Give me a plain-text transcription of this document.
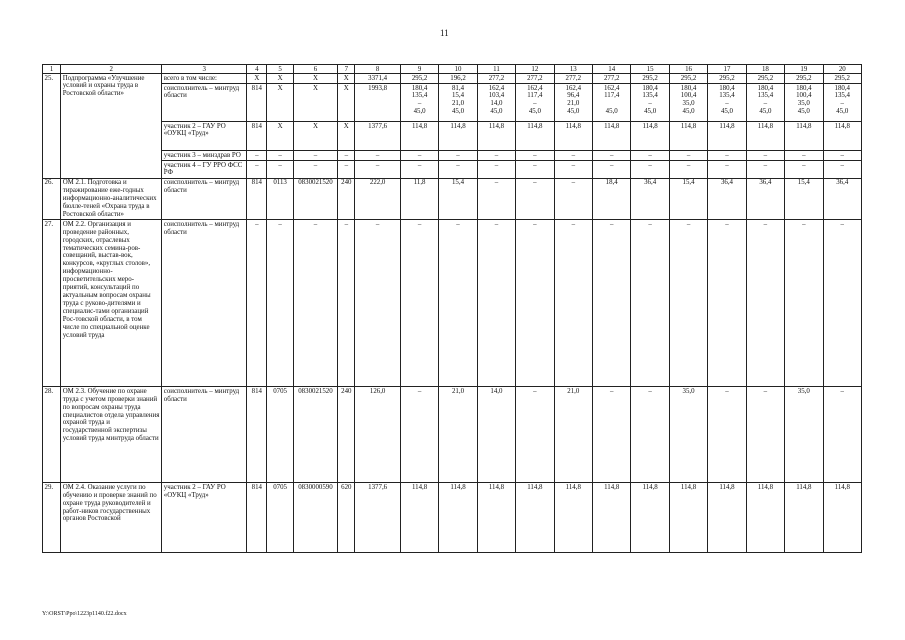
11
1	2	3	4	5	6	7	8	9	10	11	12	13	14	15	16	17	18	19	20
25.	Подпрограмма «Улучшение условий и охраны труда в Ростовской области»	всего в том числе:	Х	Х	Х	Х	3371,4	295,2	196,2	277,2	277,2	277,2	277,2	295,2	295,2	295,2	295,2	295,2	295,2
		соисполнитель – минтруд области	814	Х	Х	Х	1993,8	180,4
135,4
–
45,0	81,4
15,4
21,0
45,0	162,4
103,4
14,0
45,0	162,4
117,4
–
45,0	162,4
96,4
21,0
45,0	162,4
117,4

45,0	180,4
135,4
–
45,0	180,4
100,4
35,0
45,0	180,4
135,4
–
45,0	180,4
135,4
–
45,0	180,4
100,4
35,0
45,0	180,4
135,4
–
45,0

		участник 2 – ГАУ РО «ОУКЦ «Труд»	814	Х	Х	Х	1377,6	114,8	114,8	114,8	114,8	114,8	114,8	114,8	114,8	114,8	114,8	114,8	114,8
		участник 3 – минздрав РО	–	–	–	–	–	–	–	–	–	–	–	–	–	–	–	–	–
		участник 4 – ГУ РРО ФСС РФ	–	–	–	–	–	–	–	–	–	–	–	–	–	–	–	–	–
26.	ОМ 2.1. Подготовка и тиражирование еже-годных информационно-аналитических бюлле-теней «Охрана труда в Ростовской области»	соисполнитель – минтруд области	814	0113	0830021520	240	222,0	11,8	15,4	–	–	–	18,4	36,4	15,4	36,4	36,4	15,4	36,4
27.	ОМ 2.2. Организация и проведение районных, городских, отраслевых тематических семина-ров-совещаний, выстав-вок, конкурсов, «круглых столов», информационно-просветительских меро-приятий, консультаций по актуальным вопросам охраны труда с руково-дителями и специалис-тами организаций Рос-товской области, в том числе по специальной оценке условий труда	соисполнитель – минтруд области	–	–	–	–	–	–	–	–	–	–	–	–	–	–	–	–	–
28.	ОМ 2.3. Обучение по охране труда с учетом проверки знаний по вопросам охраны труда специалистов отдела управления охраной труда и государственной экспертизы условий труда минтруда области	соисполнитель – минтруд области	814	0705	0830021520	240	126,0	–	21,0	14,0	–	21,0	–	–	35,0	–	–	35,0	–
29.	ОМ 2.4. Оказание услуги по обучению и проверке знаний по охране труда руководителей и работ-ников государственных органов Ростовской	участник 2 – ГАУ РО «ОУКЦ «Труд»	814	0705	0830000590	620	1377,6	114,8	114,8	114,8	114,8	114,8	114,8	114,8	114,8	114,8	114,8	114,8	114,8
Y:\ORST\Ppo\1223p1140.f22.docx
